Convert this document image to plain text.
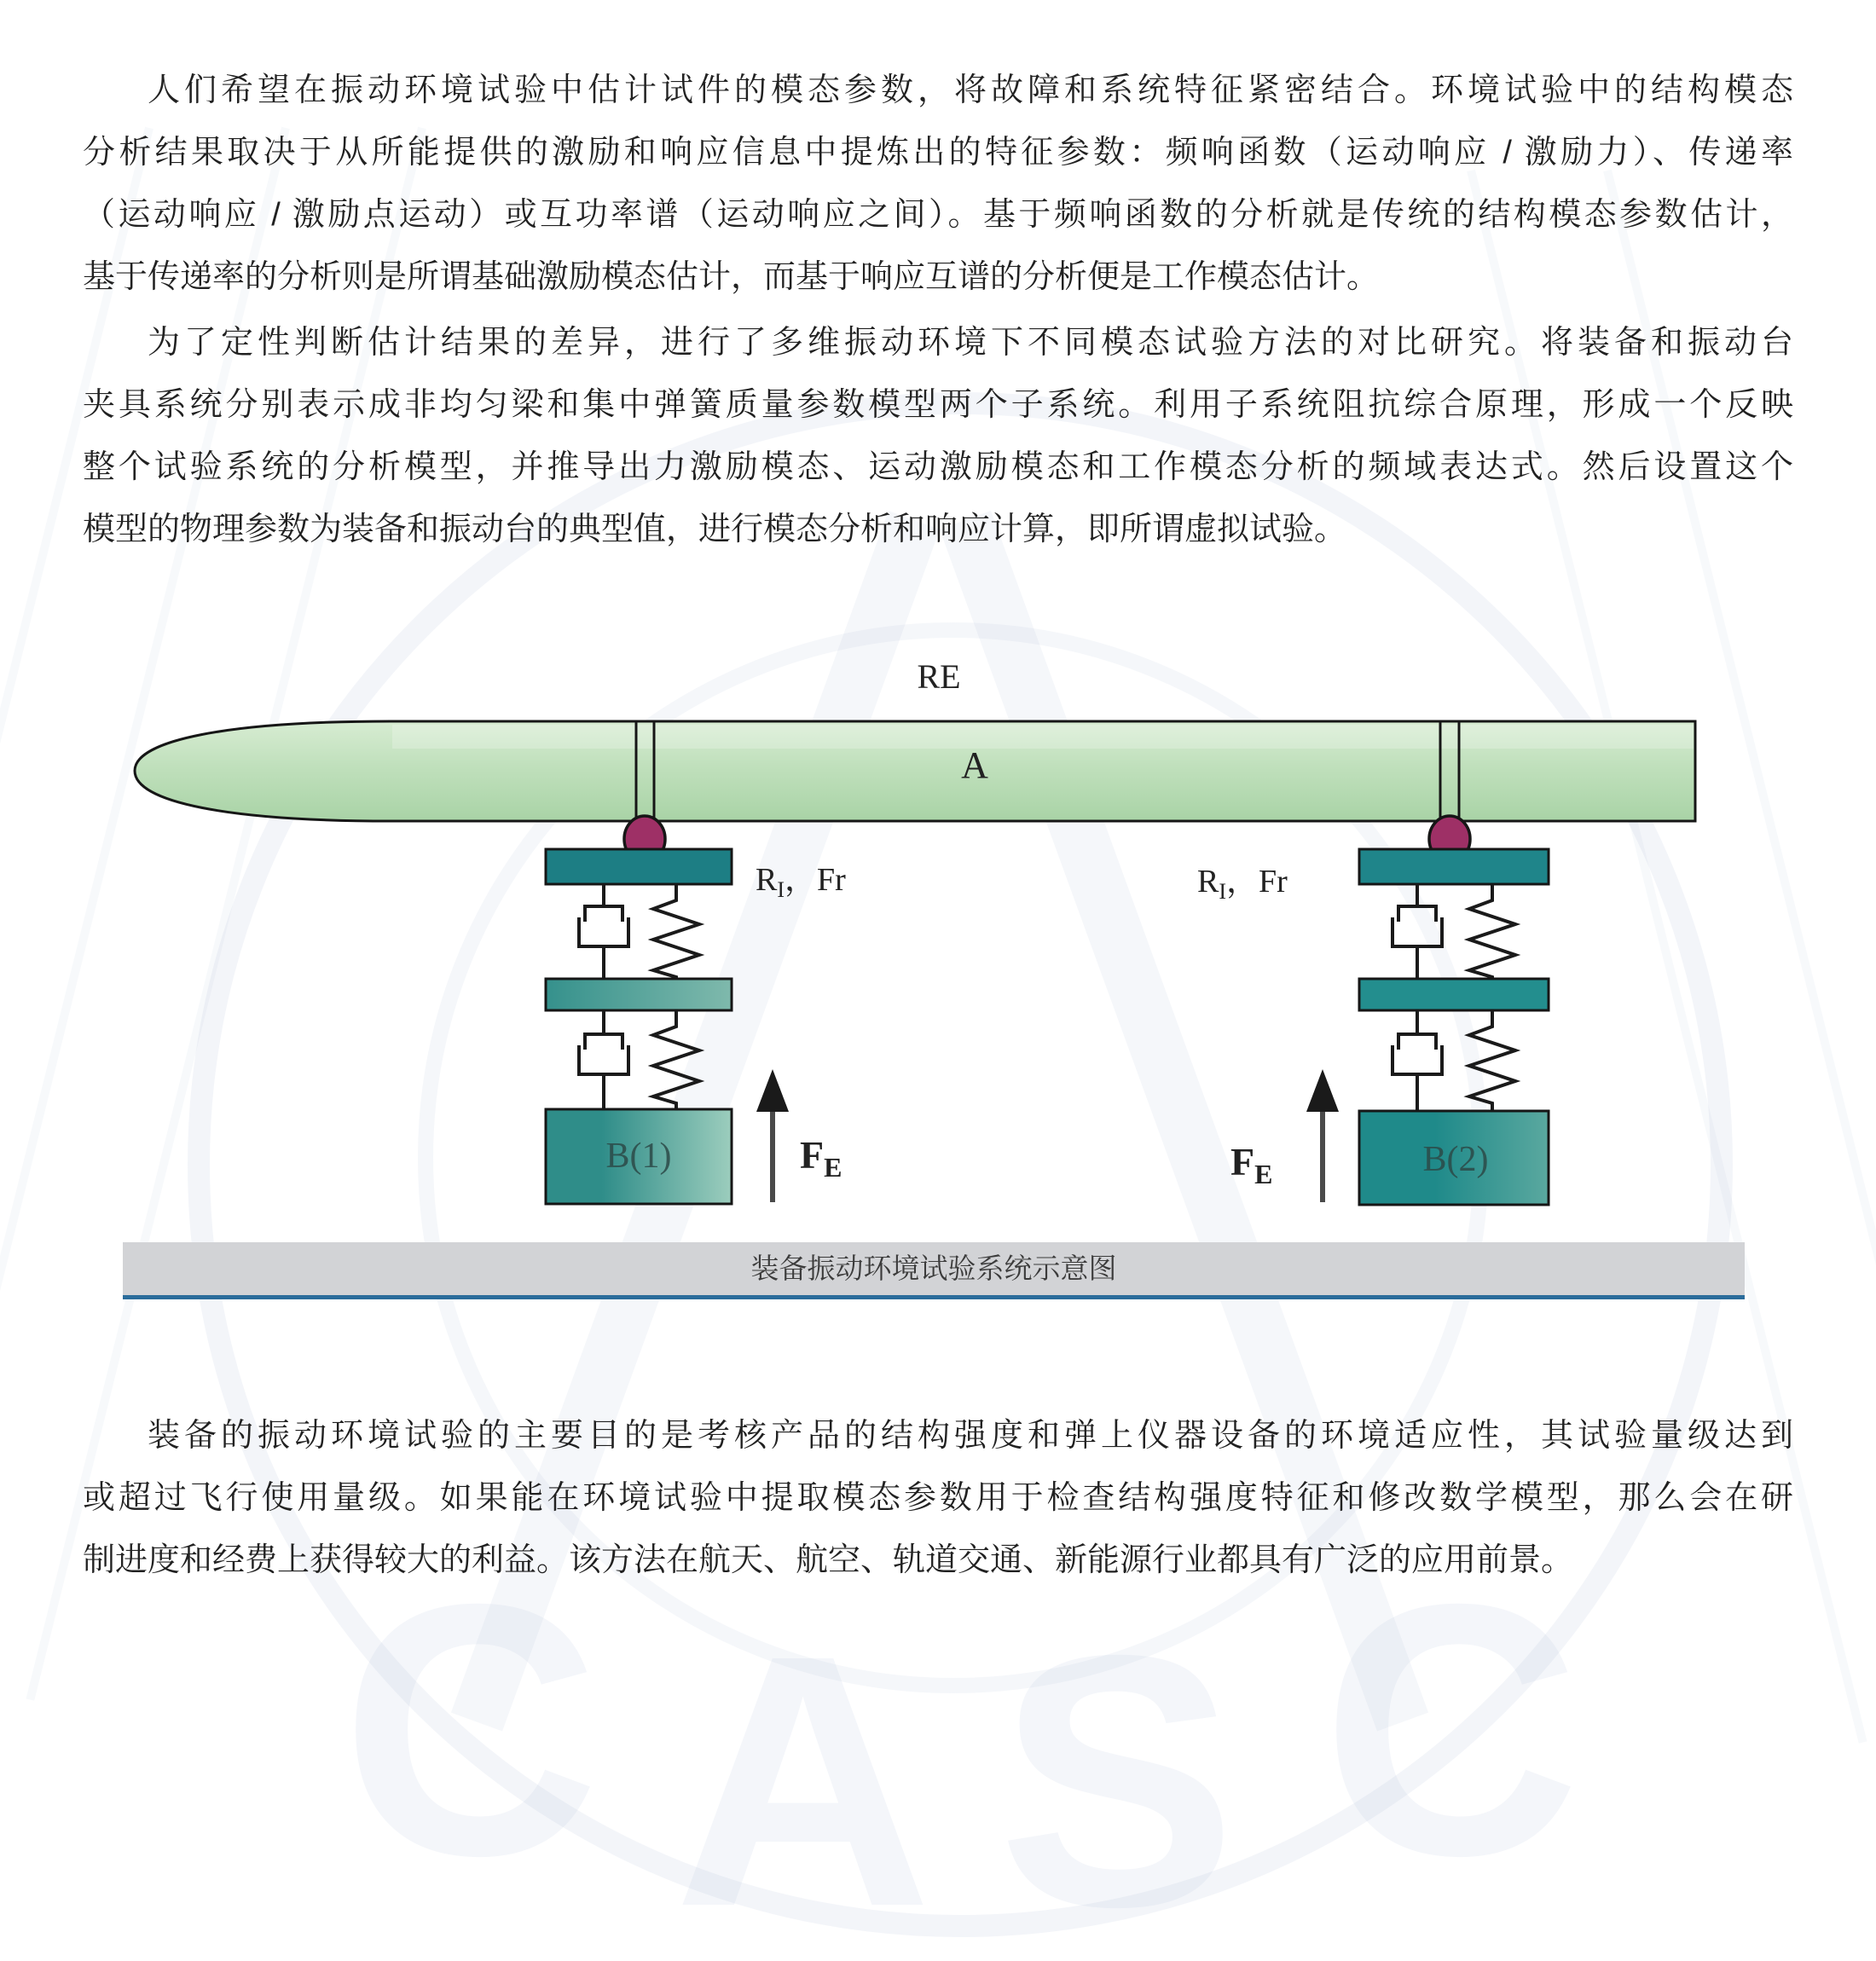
C A S C
人们希望在振动环境试验中估计试件的模态参数，将故障和系统特征紧密结合。环境试验中的结构模态
分析结果取决于从所能提供的激励和响应信息中提炼出的特征参数：频响函数（运动响应 / 激励力）、传递率
（运动响应 / 激励点运动）或互功率谱（运动响应之间）。基于频响函数的分析就是传统的结构模态参数估计，
基于传递率的分析则是所谓基础激励模态估计，而基于响应互谱的分析便是工作模态估计。
为了定性判断估计结果的差异，进行了多维振动环境下不同模态试验方法的对比研究。将装备和振动台
夹具系统分别表示成非均匀梁和集中弹簧质量参数模型两个子系统。利用子系统阻抗综合原理，形成一个反映
整个试验系统的分析模型，并推导出力激励模态、运动激励模态和工作模态分析的频域表达式。然后设置这个
模型的物理参数为装备和振动台的典型值，进行模态分析和响应计算，即所谓虚拟试验。
RE
A
$R_I$，Fr	$R_I$，Fr
$F_E$	$F_E$
B(1)	B(2)
装备振动环境试验系统示意图
装备的振动环境试验的主要目的是考核产品的结构强度和弹上仪器设备的环境适应性，其试验量级达到
或超过飞行使用量级。如果能在环境试验中提取模态参数用于检查结构强度特征和修改数学模型，那么会在研
制进度和经费上获得较大的利益。该方法在航天、航空、轨道交通、新能源行业都具有广泛的应用前景。
